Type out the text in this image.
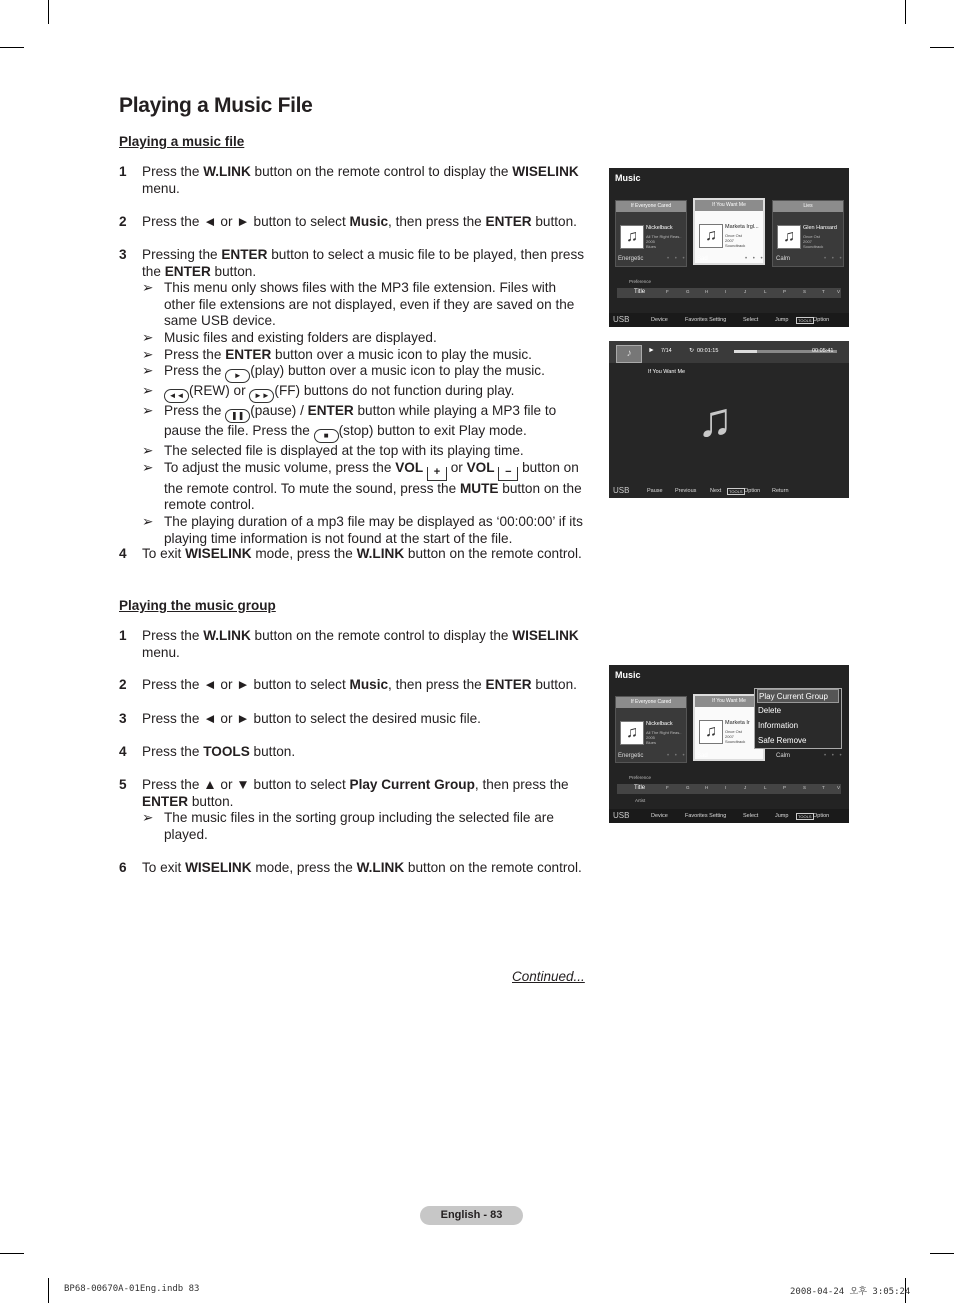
Playing a Music File
Playing a music file
1 Press the W.LINK button on the remote control to display the WISELINK menu.
2 Press the ◄ or ► button to select Music, then press the ENTER button.
3 Pressing the ENTER button to select a music file to be played, then press the ENTER button.
➢ This menu only shows files with the MP3 file extension. Files with other file extensions are not displayed, even if they are saved on the same USB device.
➢ Music files and existing folders are displayed.
➢ Press the ENTER button over a music icon to play the music.
➢ Press the ► (play) button over a music icon to play the music.
➢ ◄◄ (REW) or ►► (FF) buttons do not function during play.
➢ Press the ❚❚ (pause) / ENTER button while playing a MP3 file to pause the file. Press the ■ (stop) button to exit Play mode.
➢ The selected file is displayed at the top with its playing time.
➢ To adjust the music volume, press the VOL + or VOL − button on the remote control. To mute the sound, press the MUTE button on the remote control.
➢ The playing duration of a mp3 file may be displayed as ‘00:00:00’ if its playing time information is not found at the start of the file.
4 To exit WISELINK mode, press the W.LINK button on the remote control.
Playing the music group
1 Press the W.LINK button on the remote control to display the WISELINK menu.
2 Press the ◄ or ► button to select Music, then press the ENTER button.
3 Press the ◄ or ► button to select the desired music file.
4 Press the TOOLS button.
5 Press the ▲ or ▼ button to select Play Current Group, then press the ENTER button.
➢ The music files in the sorting group including the selected file are played.
6 To exit WISELINK mode, press the W.LINK button on the remote control.
Music
If Everyone Cared
♫	Nickelback
All The Right Reas..
2005
Blues
If You Want Me
♫	Marketa Irgl...
Once Ost
2007
Soundtrack
Lies
♫	Glen Hansard
Once Ost
2007
Soundtrack
Energetic	• • • Sad	• • • Calm	• • •
Preference
Title	F	G	H	I	J	L	P	S	T	V
USB	Device	Favorites Setting	Select	Jump	TOOLS Option
♪	► 7/14	↻ 00:01:15	00:05:41
If You Want Me
♫
USB	Pause Previous Next	TOOLS Option Return
Music
If Everyone Cared
♫	Nickelback
All The Right Reas..
2005
Blues
If You Want Me
♫	Marketa Ir
Once Ost
2007
Soundtrack
Energetic	• • • Sad	Calm	• • •
Play Current Group
Delete
Information
Safe Remove
Preference
Title	F	G	H	I	J	L	P	S	T	V
Artist
USB	Device	Favorites Setting	Select	Jump	TOOLS Option
Continued...
English - 83
BP68-00670A-01Eng.indb 83	2008-04-24 오후 3:05:24
